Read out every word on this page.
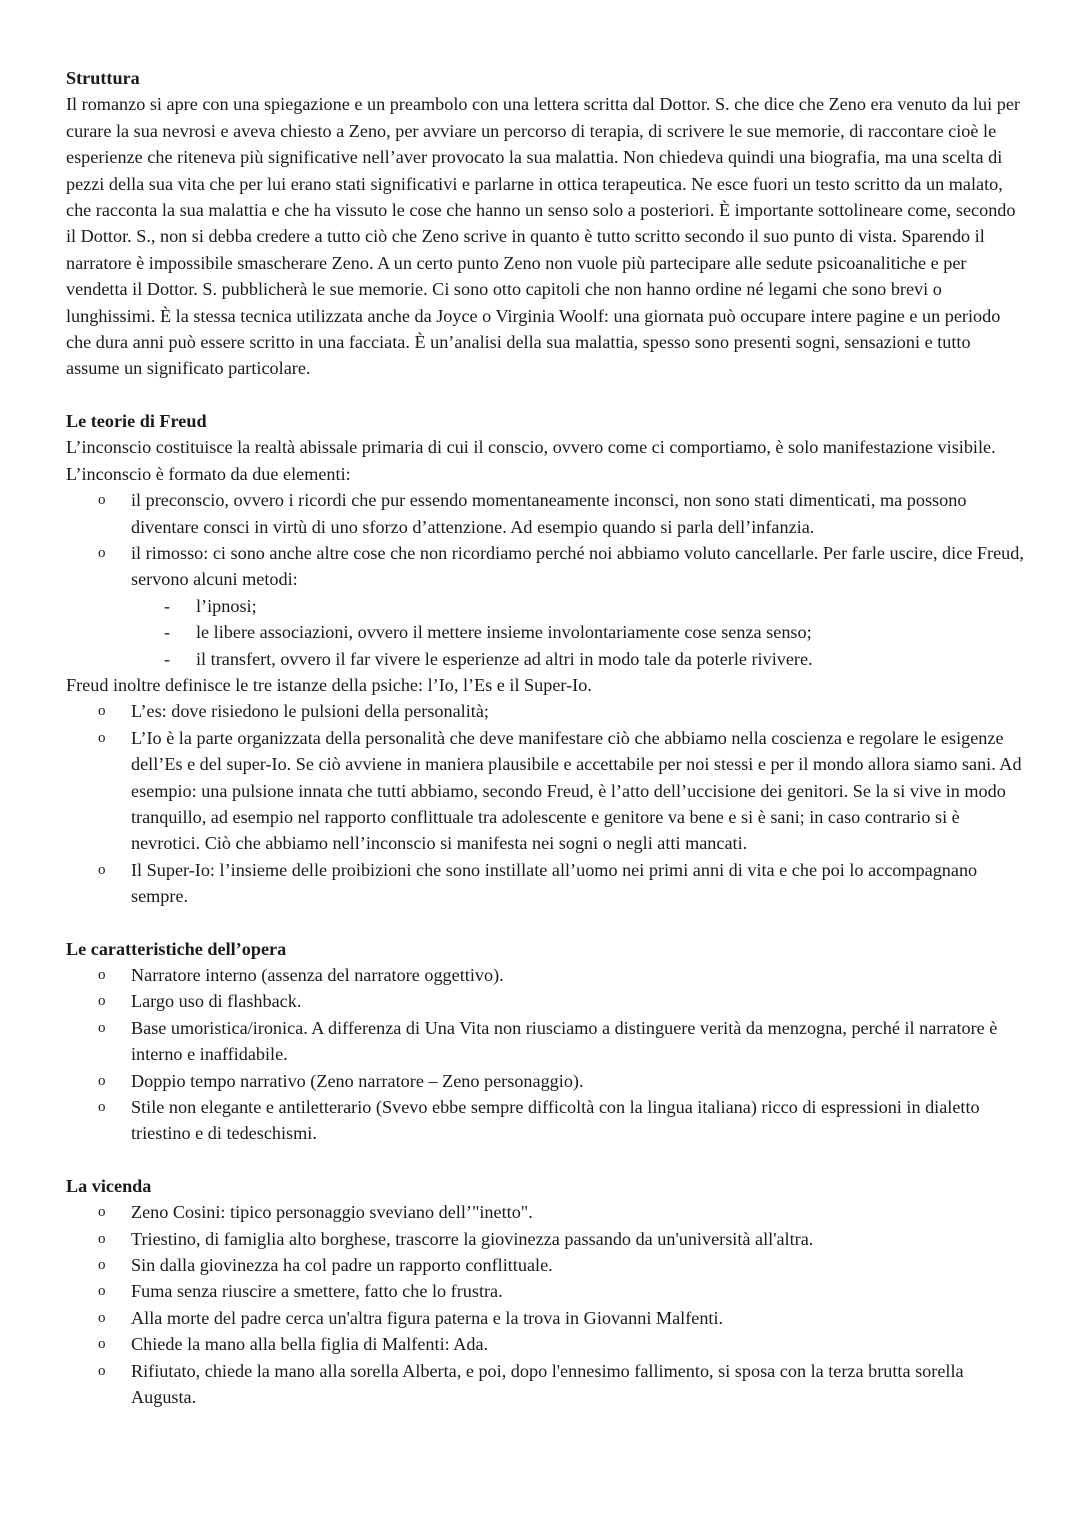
Struttura

Il romanzo si apre con una spiegazione e un preambolo con una lettera scritta dal Dottor. S. che dice che Zeno era venuto da lui per curare la sua nevrosi e aveva chiesto a Zeno, per avviare un percorso di terapia, di scrivere le sue memorie, di raccontare cioè le esperienze che riteneva più significative nell’aver provocato la sua malattia. Non chiedeva quindi una biografia, ma una scelta di pezzi della sua vita che per lui erano stati significativi e parlarne in ottica terapeutica. Ne esce fuori un testo scritto da un malato, che racconta la sua malattia e che ha vissuto le cose che hanno un senso solo a posteriori. È importante sottolineare come, secondo il Dottor. S., non si debba credere a tutto ciò che Zeno scrive in quanto è tutto scritto secondo il suo punto di vista. Sparendo il narratore è impossibile smascherare Zeno. A un certo punto Zeno non vuole più partecipare alle sedute psicoanalitiche e per vendetta il Dottor. S. pubblicherà le sue memorie. Ci sono otto capitoli che non hanno ordine né legami che sono brevi o lunghissimi. È la stessa tecnica utilizzata anche da Joyce o Virginia Woolf: una giornata può occupare intere pagine e un periodo che dura anni può essere scritto in una facciata. È un’analisi della sua malattia, spesso sono presenti sogni, sensazioni e tutto assume un significato particolare.

Le teorie di Freud

L’inconscio costituisce la realtà abissale primaria di cui il conscio, ovvero come ci comportiamo, è solo manifestazione visibile. L’inconscio è formato da due elementi:

o il preconscio, ovvero i ricordi che pur essendo momentaneamente inconsci, non sono stati dimenticati, ma possono diventare consci in virtù di uno sforzo d’attenzione. Ad esempio quando si parla dell’infanzia.
o il rimosso: ci sono anche altre cose che non ricordiamo perché noi abbiamo voluto cancellarle. Per farle uscire, dice Freud, servono alcuni metodi:
- l’ipnosi;
- le libere associazioni, ovvero il mettere insieme involontariamente cose senza senso;
- il transfert, ovvero il far vivere le esperienze ad altri in modo tale da poterle rivivere.

Freud inoltre definisce le tre istanze della psiche: l’Io, l’Es e il Super-Io.

o L’es: dove risiedono le pulsioni della personalità;
o L’Io è la parte organizzata della personalità che deve manifestare ciò che abbiamo nella coscienza e regolare le esigenze dell’Es e del super-Io. Se ciò avviene in maniera plausibile e accettabile per noi stessi e per il mondo allora siamo sani. Ad esempio: una pulsione innata che tutti abbiamo, secondo Freud, è l’atto dell’uccisione dei genitori. Se la si vive in modo tranquillo, ad esempio nel rapporto conflittuale tra adolescente e genitore va bene e si è sani; in caso contrario si è nevrotici. Ciò che abbiamo nell’inconscio si manifesta nei sogni o negli atti mancati.
o Il Super-Io: l’insieme delle proibizioni che sono instillate all’uomo nei primi anni di vita e che poi lo accompagnano sempre.

Le caratteristiche dell’opera

o Narratore interno (assenza del narratore oggettivo).
o Largo uso di flashback.
o Base umoristica/ironica. A differenza di Una Vita non riusciamo a distinguere verità da menzogna, perché il narratore è interno e inaffidabile.
o Doppio tempo narrativo (Zeno narratore – Zeno personaggio).
o Stile non elegante e antiletterario (Svevo ebbe sempre difficoltà con la lingua italiana) ricco di espressioni in dialetto triestino e di tedeschismi.

La vicenda

o Zeno Cosini: tipico personaggio sveviano dell’"inetto".
o Triestino, di famiglia alto borghese, trascorre la giovinezza passando da un'università all'altra.
o Sin dalla giovinezza ha col padre un rapporto conflittuale.
o Fuma senza riuscire a smettere, fatto che lo frustra.
o Alla morte del padre cerca un'altra figura paterna e la trova in Giovanni Malfenti.
o Chiede la mano alla bella figlia di Malfenti: Ada.
o Rifiutato, chiede la mano alla sorella Alberta, e poi, dopo l'ennesimo fallimento, si sposa con la terza brutta sorella Augusta.
